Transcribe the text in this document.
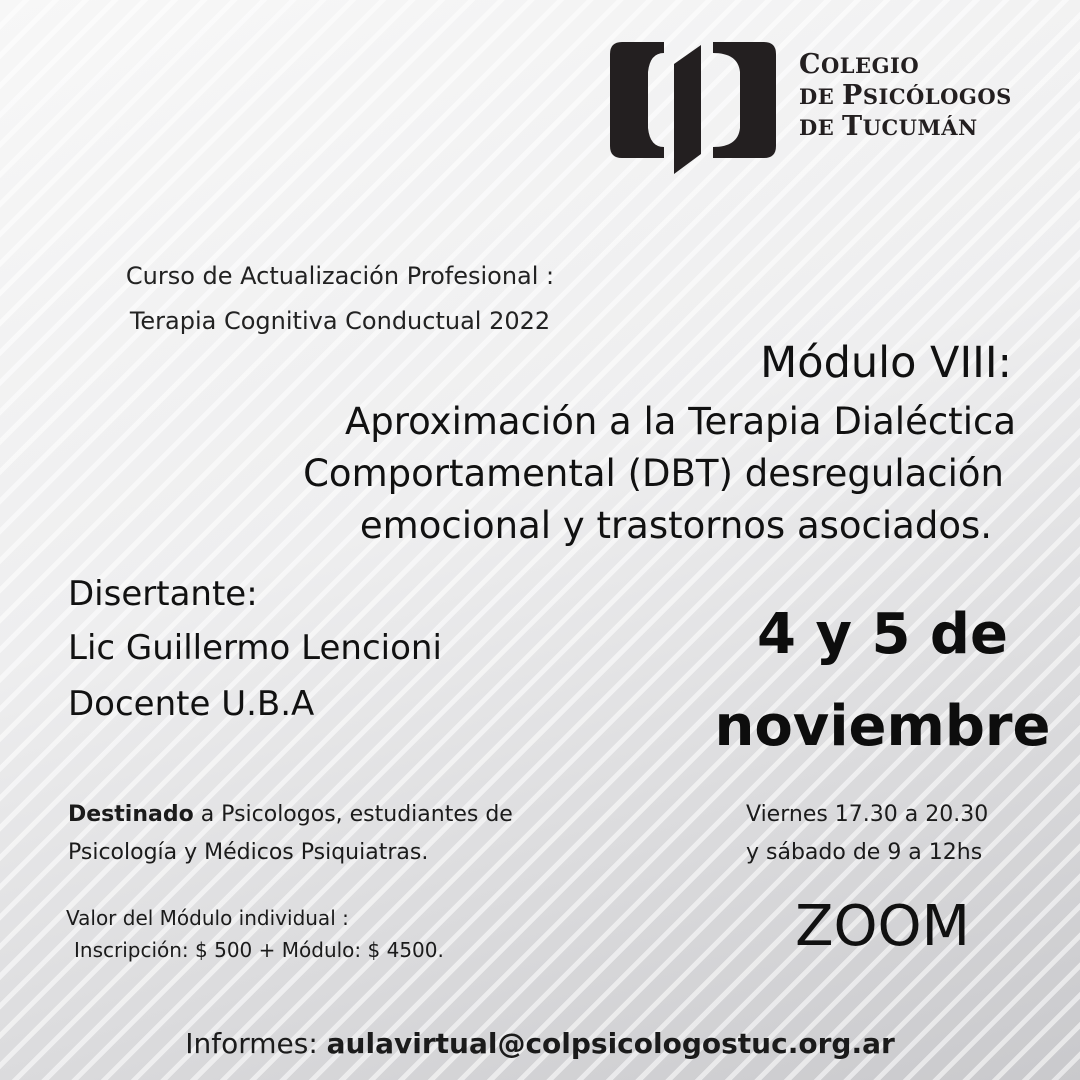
COLEGIO
DE PSICÓLOGOS
DE TUCUMÁN
Curso de Actualización Profesional :
Terapia Cognitiva Conductual 2022
Módulo VIII:
Aproximación a la Terapia Dialéctica
Comportamental (DBT) desregulación
emocional y trastornos asociados.
Disertante:
Lic Guillermo Lencioni
Docente U.B.A
4 y 5 de
noviembre
Destinado a Psicologos, estudiantes de
Psicología y Médicos Psiquiatras.
Viernes 17.30 a 20.30
y sábado de 9 a 12hs
Valor del Módulo individual :
Inscripción: $ 500 + Módulo: $ 4500.	ZOOM
Informes: aulavirtual@colpsicologostuc.org.ar
